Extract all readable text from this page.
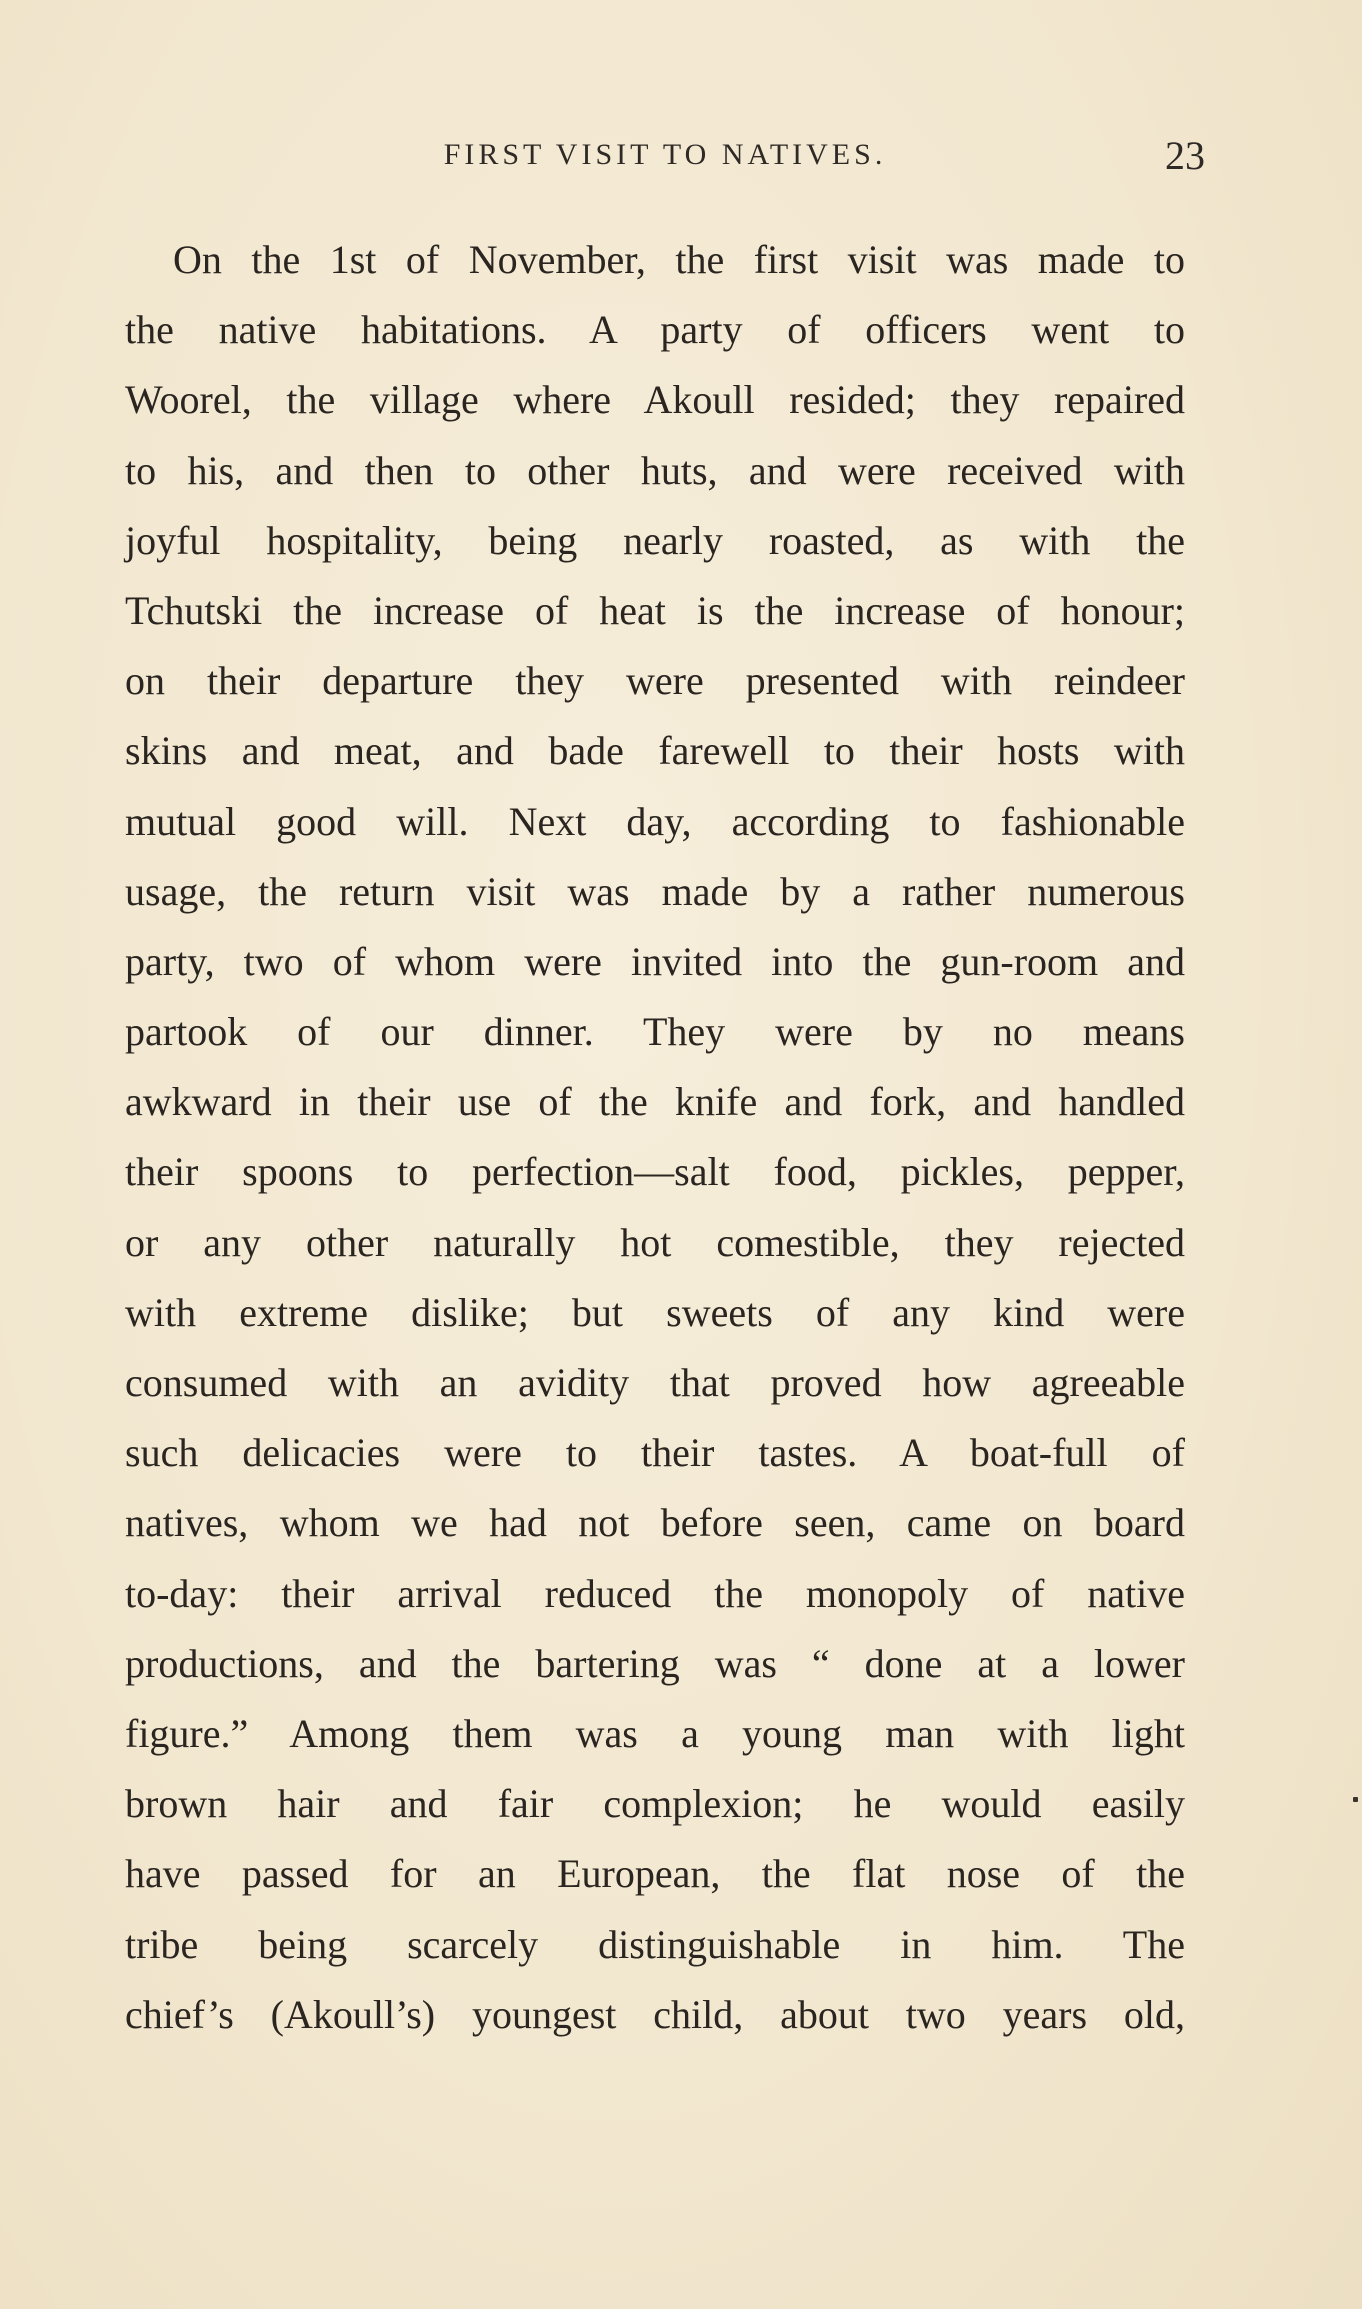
FIRST VISIT TO NATIVES.	23
On the 1st of November, the first visit was made to
the native habitations. A party of officers went to
Woorel, the village where Akoull resided; they repaired
to his, and then to other huts, and were received with
joyful hospitality, being nearly roasted, as with the
Tchutski the increase of heat is the increase of honour;
on their departure they were presented with reindeer
skins and meat, and bade farewell to their hosts with
mutual good will. Next day, according to fashionable
usage, the return visit was made by a rather numerous
party, two of whom were invited into the gun-room and
partook of our dinner. They were by no means
awkward in their use of the knife and fork, and handled
their spoons to perfection—salt food, pickles, pepper,
or any other naturally hot comestible, they rejected
with extreme dislike; but sweets of any kind were
consumed with an avidity that proved how agreeable
such delicacies were to their tastes. A boat-full of
natives, whom we had not before seen, came on board
to-day: their arrival reduced the monopoly of native
productions, and the bartering was “ done at a lower
figure.” Among them was a young man with light
brown hair and fair complexion; he would easily
have passed for an European, the flat nose of the
tribe being scarcely distinguishable in him. The
chief’s (Akoull’s) youngest child, about two years old,
